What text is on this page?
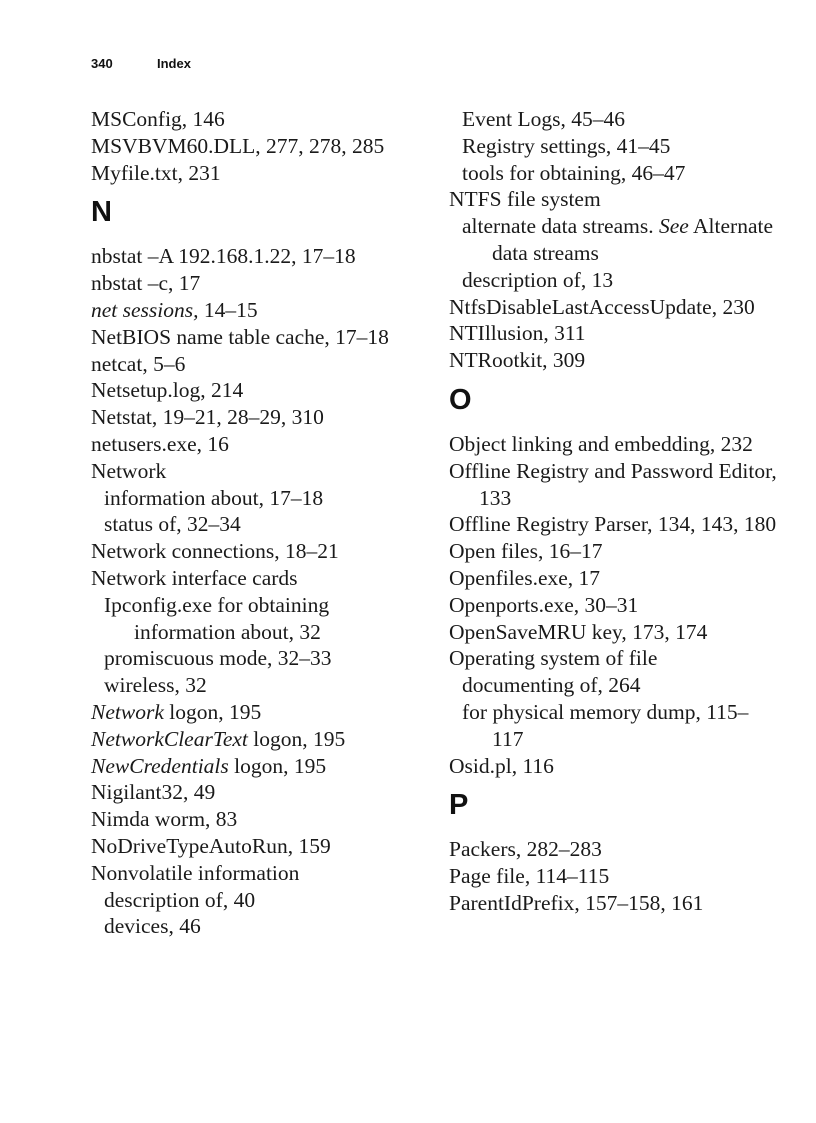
340	Index

MSConfig, 146

MSVBVM60.DLL, 277, 278, 285

Myfile.txt, 231

N

nbstat –A 192.168.1.22, 17–18

nbstat –c, 17

net sessions, 14–15

NetBIOS name table cache, 17–18

netcat, 5–6

Netsetup.log, 214

Netstat, 19–21, 28–29, 310

netusers.exe, 16

Network

information about, 17–18

status of, 32–34

Network connections, 18–21

Network interface cards

Ipconfig.exe for obtaining information about, 32

promiscuous mode, 32–33

wireless, 32

Network logon, 195

NetworkClearText logon, 195

NewCredentials logon, 195

Nigilant32, 49

Nimda worm, 83

NoDriveTypeAutoRun, 159

Nonvolatile information

description of, 40

devices, 46

Event Logs, 45–46

Registry settings, 41–45

tools for obtaining, 46–47

NTFS file system

alternate data streams. See Alternate data streams

description of, 13

NtfsDisableLastAccessUpdate, 230

NTIllusion, 311

NTRootkit, 309

O

Object linking and embedding, 232

Offline Registry and Password Editor, 133

Offline Registry Parser, 134, 143, 180

Open files, 16–17

Openfiles.exe, 17

Openports.exe, 30–31

OpenSaveMRU key, 173, 174

Operating system of file

documenting of, 264

for physical memory dump, 115–117

Osid.pl, 116

P

Packers, 282–283

Page file, 114–115

ParentIdPrefix, 157–158, 161
